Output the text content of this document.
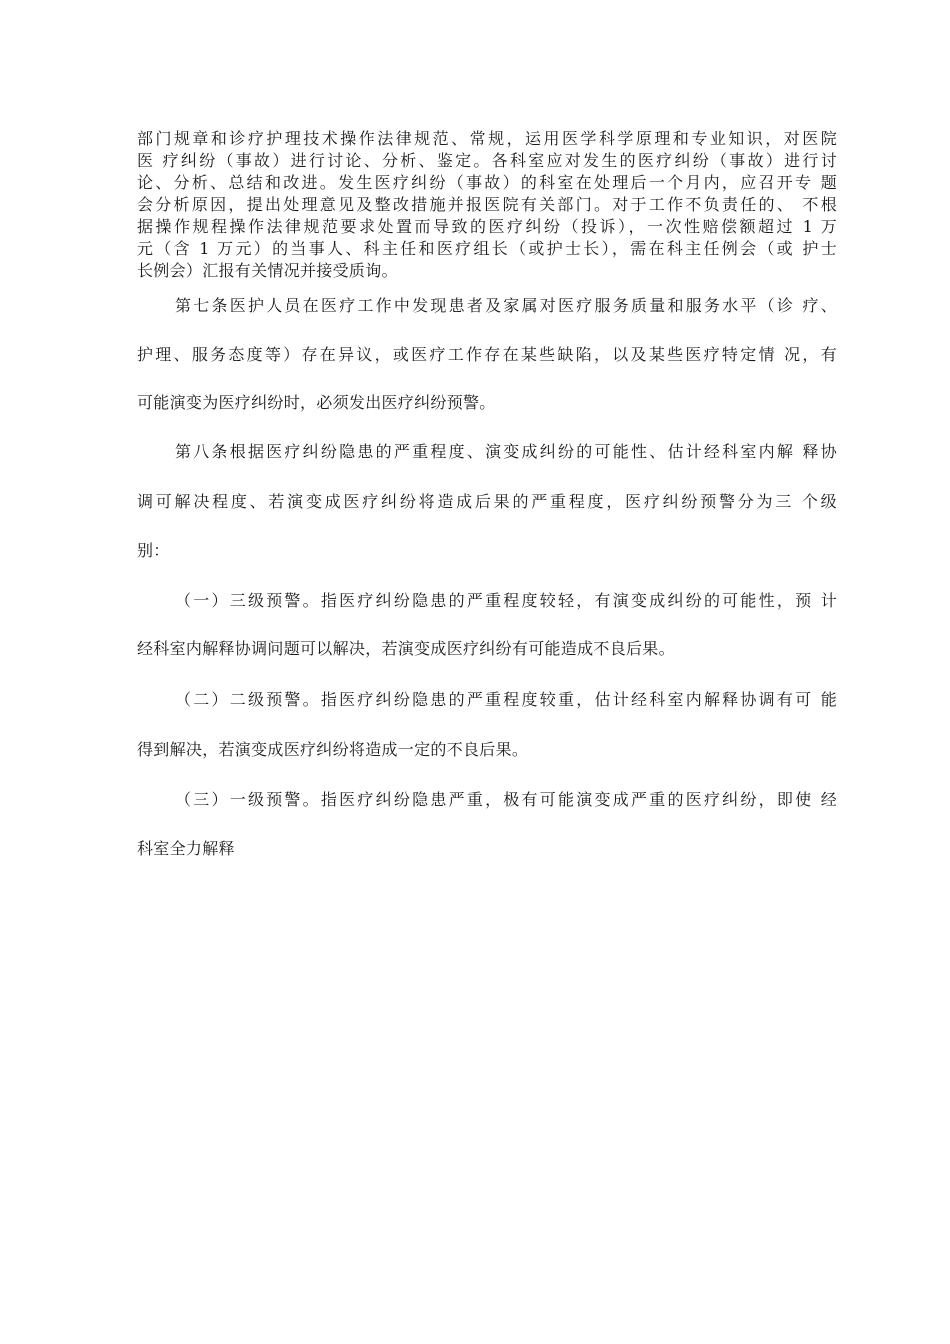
部门规章和诊疗护理技术操作法律规范、常规，运用医学科学原理和专业知识，对医院
医 疗纠纷（事故）进行讨论、分析、鉴定。各科室应对发生的医疗纠纷（事故）进行讨
论、分析、总结和改进。发生医疗纠纷（事故）的科室在处理后一个月内，应召开专 题
会分析原因，提出处理意见及整改措施并报医院有关部门。对于工作不负责任的、 不根
据操作规程操作法律规范要求处置而导致的医疗纠纷（投诉），一次性赔偿额超过 1 万
元（含 1 万元）的当事人、科主任和医疗组长（或护士长），需在科主任例会（或 护士
长例会）汇报有关情况并接受质询。
第七条医护人员在医疗工作中发现患者及家属对医疗服务质量和服务水平（诊 疗、
护理、服务态度等）存在异议，或医疗工作存在某些缺陷，以及某些医疗特定情 况，有
可能演变为医疗纠纷时，必须发出医疗纠纷预警。
第八条根据医疗纠纷隐患的严重程度、演变成纠纷的可能性、估计经科室内解 释协
调可解决程度、若演变成医疗纠纷将造成后果的严重程度，医疗纠纷预警分为三 个级
别：
（一）三级预警。指医疗纠纷隐患的严重程度较轻，有演变成纠纷的可能性，预 计
经科室内解释协调问题可以解决，若演变成医疗纠纷有可能造成不良后果。
（二）二级预警。指医疗纠纷隐患的严重程度较重，估计经科室内解释协调有可 能
得到解决，若演变成医疗纠纷将造成一定的不良后果。
（三）一级预警。指医疗纠纷隐患严重，极有可能演变成严重的医疗纠纷，即使 经
科室全力解释
